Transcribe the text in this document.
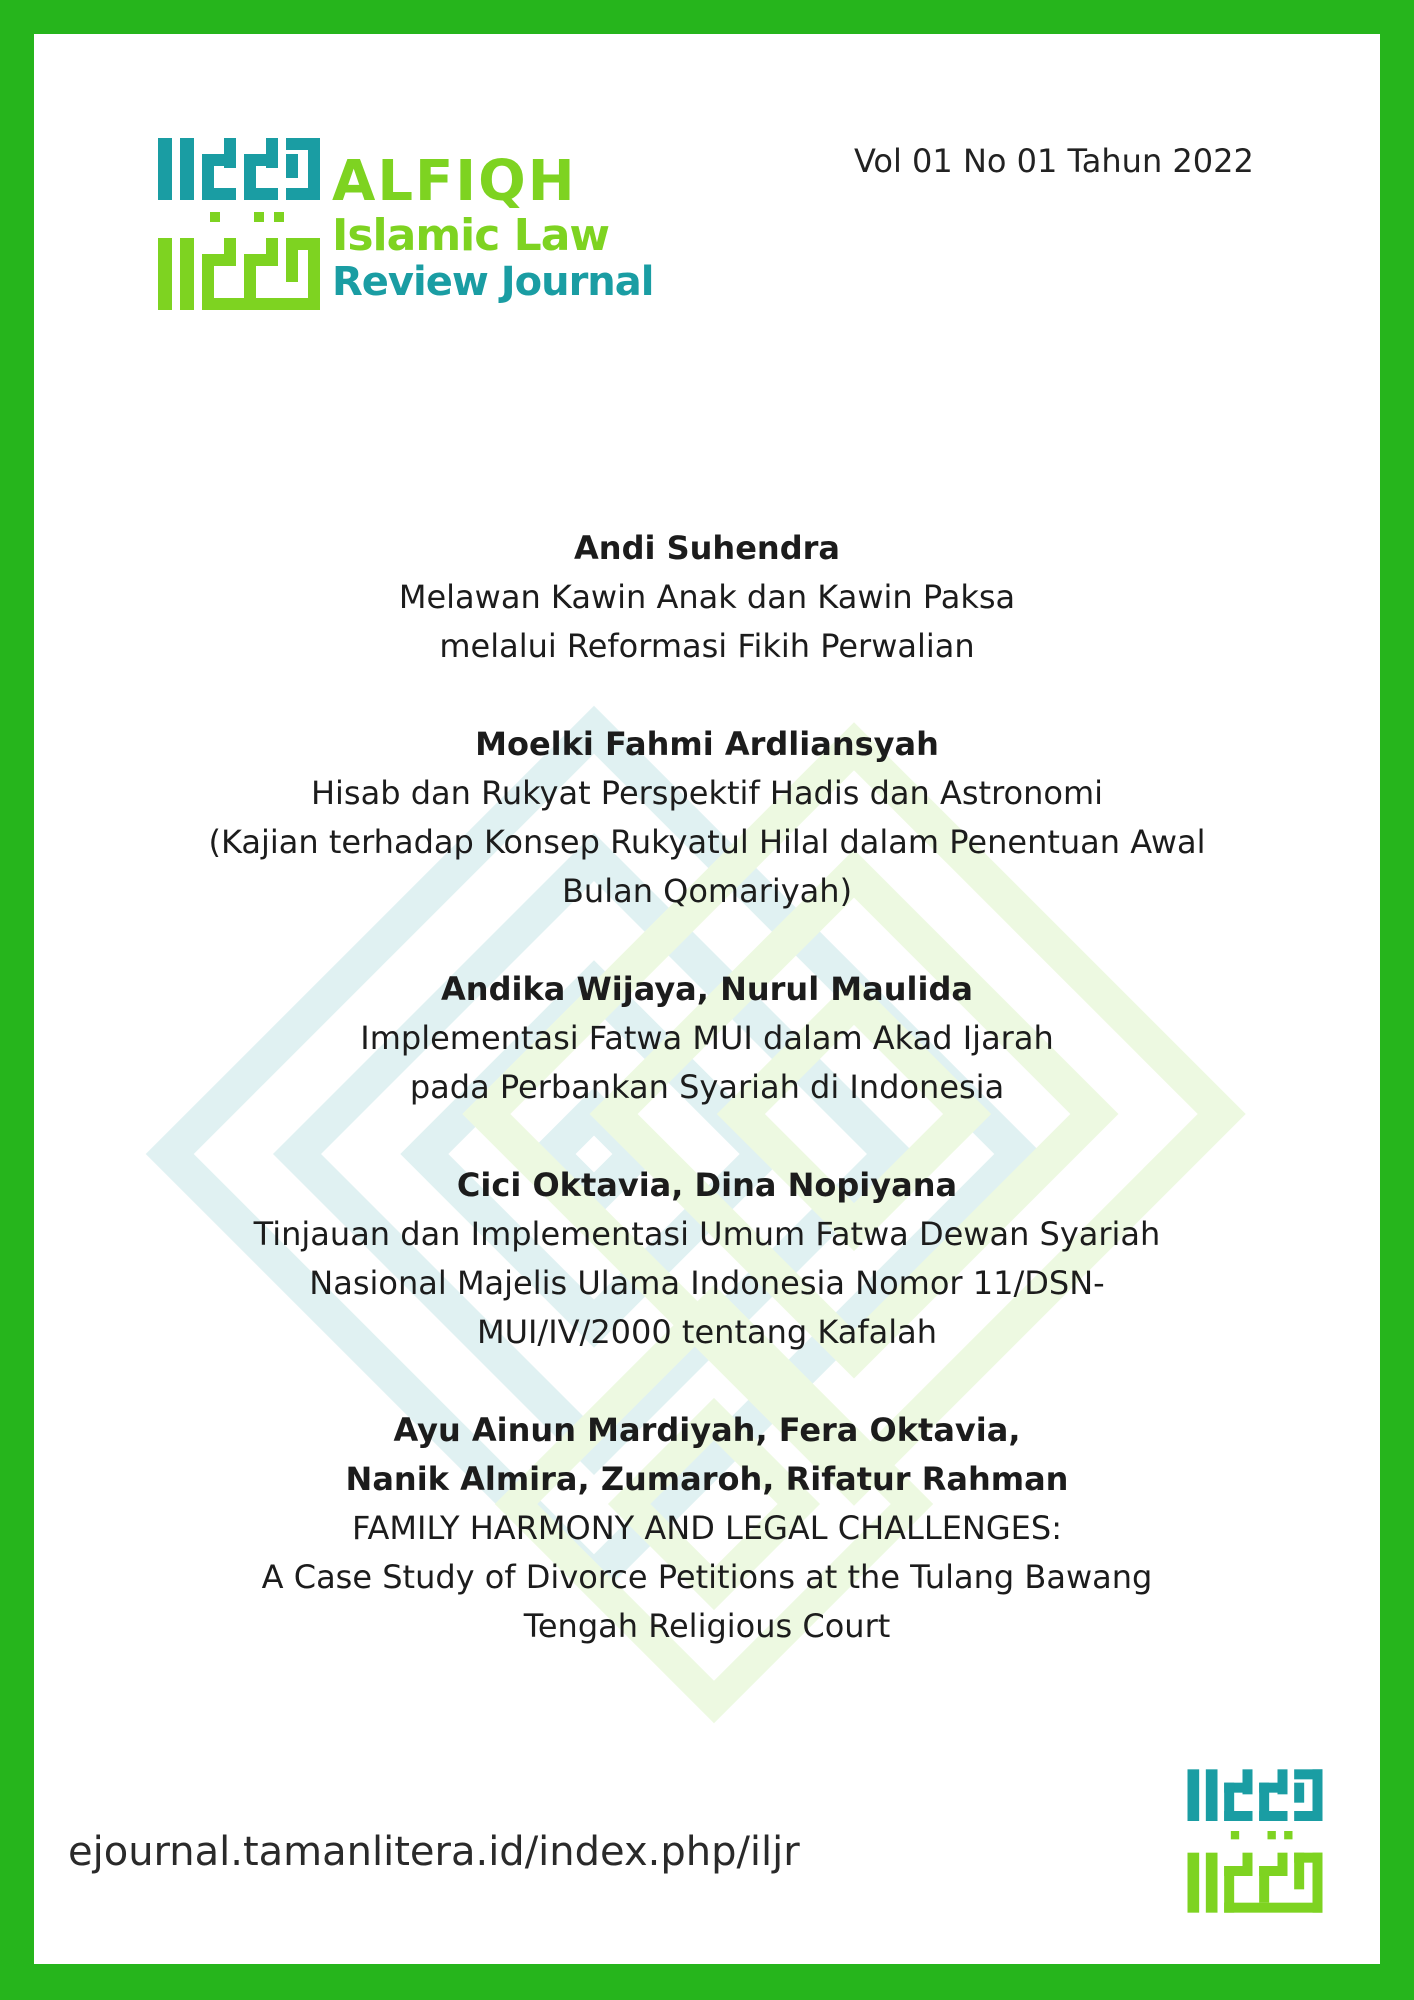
ALFIQH
Islamic Law
Review Journal
Vol 01 No 01 Tahun 2022
Andi Suhendra
Melawan Kawin Anak dan Kawin Paksa
melalui Reformasi Fikih Perwalian
Moelki Fahmi Ardliansyah
Hisab dan Rukyat Perspektif Hadis dan Astronomi
(Kajian terhadap Konsep Rukyatul Hilal dalam Penentuan Awal
Bulan Qomariyah)
Andika Wijaya, Nurul Maulida
Implementasi Fatwa MUI dalam Akad Ijarah
pada Perbankan Syariah di Indonesia
Cici Oktavia, Dina Nopiyana
Tinjauan dan Implementasi Umum Fatwa Dewan Syariah
Nasional Majelis Ulama Indonesia Nomor 11/DSN-
MUI/IV/2000 tentang Kafalah
Ayu Ainun Mardiyah, Fera Oktavia,
Nanik Almira, Zumaroh, Rifatur Rahman
FAMILY HARMONY AND LEGAL CHALLENGES:
A Case Study of Divorce Petitions at the Tulang Bawang
Tengah Religious Court
ejournal.tamanlitera.id/index.php/iljr
